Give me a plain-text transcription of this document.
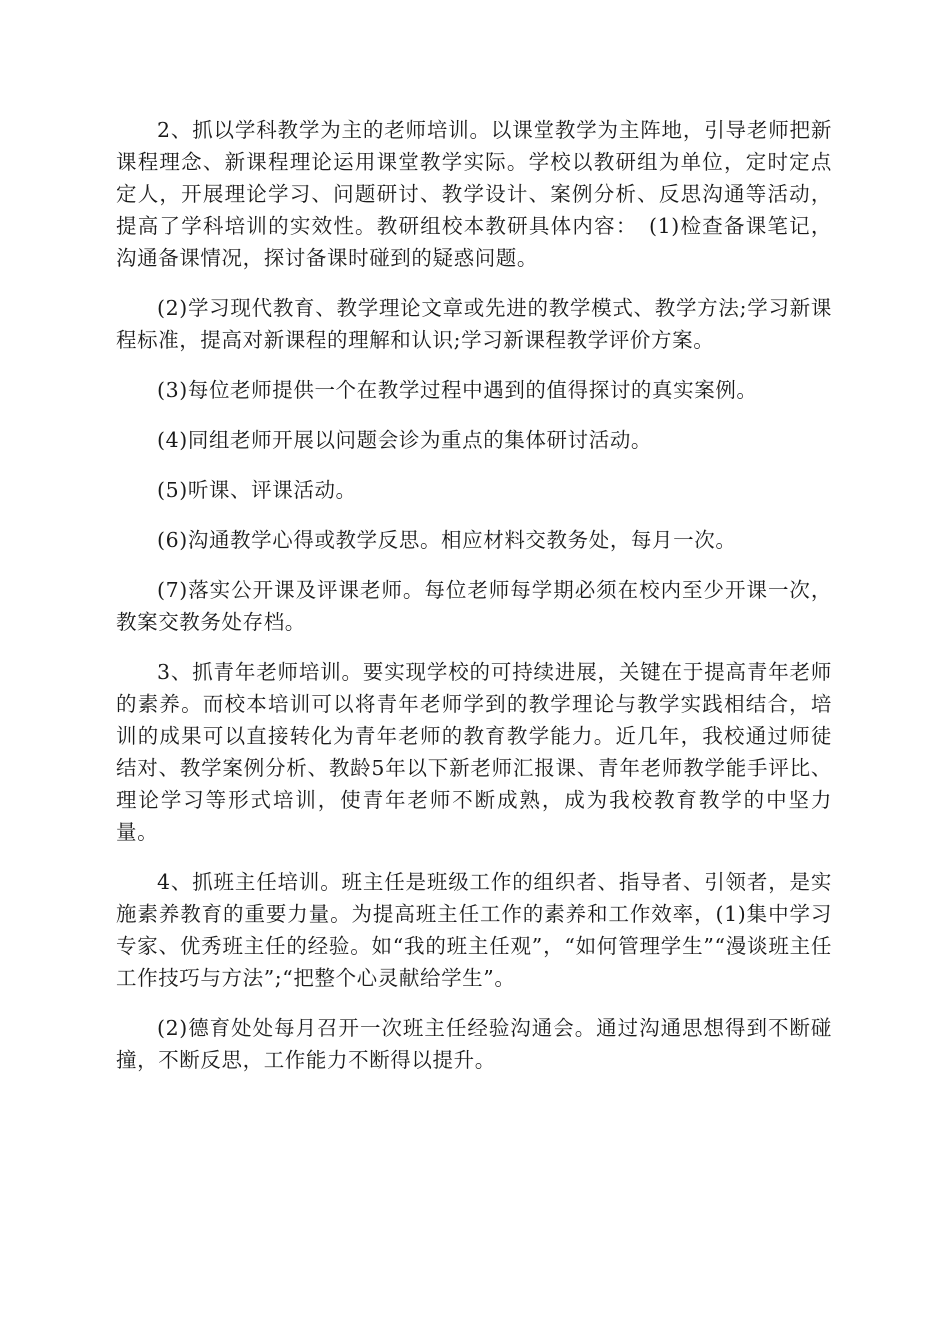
2、抓以学科教学为主的老师培训。以课堂教学为主阵地，引导老师把新课程理念、新课程理论运用课堂教学实际。学校以教研组为单位，定时定点定人，开展理论学习、问题研讨、教学设计、案例分析、反思沟通等活动，提高了学科培训的实效性。教研组校本教研具体内容：　(1)检查备课笔记，沟通备课情况，探讨备课时碰到的疑惑问题。

(2)学习现代教育、教学理论文章或先进的教学模式、教学方法;学习新课程标准，提高对新课程的理解和认识;学习新课程教学评价方案。

(3)每位老师提供一个在教学过程中遇到的值得探讨的真实案例。

(4)同组老师开展以问题会诊为重点的集体研讨活动。

(5)听课、评课活动。

(6)沟通教学心得或教学反思。相应材料交教务处，每月一次。

(7)落实公开课及评课老师。每位老师每学期必须在校内至少开课一次，教案交教务处存档。

3、抓青年老师培训。要实现学校的可持续进展，关键在于提高青年老师的素养。而校本培训可以将青年老师学到的教学理论与教学实践相结合，培训的成果可以直接转化为青年老师的教育教学能力。近几年，我校通过师徒结对、教学案例分析、教龄5年以下新老师汇报课、青年老师教学能手评比、理论学习等形式培训，使青年老师不断成熟，成为我校教育教学的中坚力量。

4、抓班主任培训。班主任是班级工作的组织者、指导者、引领者，是实施素养教育的重要力量。为提高班主任工作的素养和工作效率，(1)集中学习专家、优秀班主任的经验。如“我的班主任观”，“如何管理学生”“漫谈班主任工作技巧与方法”;“把整个心灵献给学生”。

(2)德育处处每月召开一次班主任经验沟通会。通过沟通思想得到不断碰撞，不断反思，工作能力不断得以提升。
